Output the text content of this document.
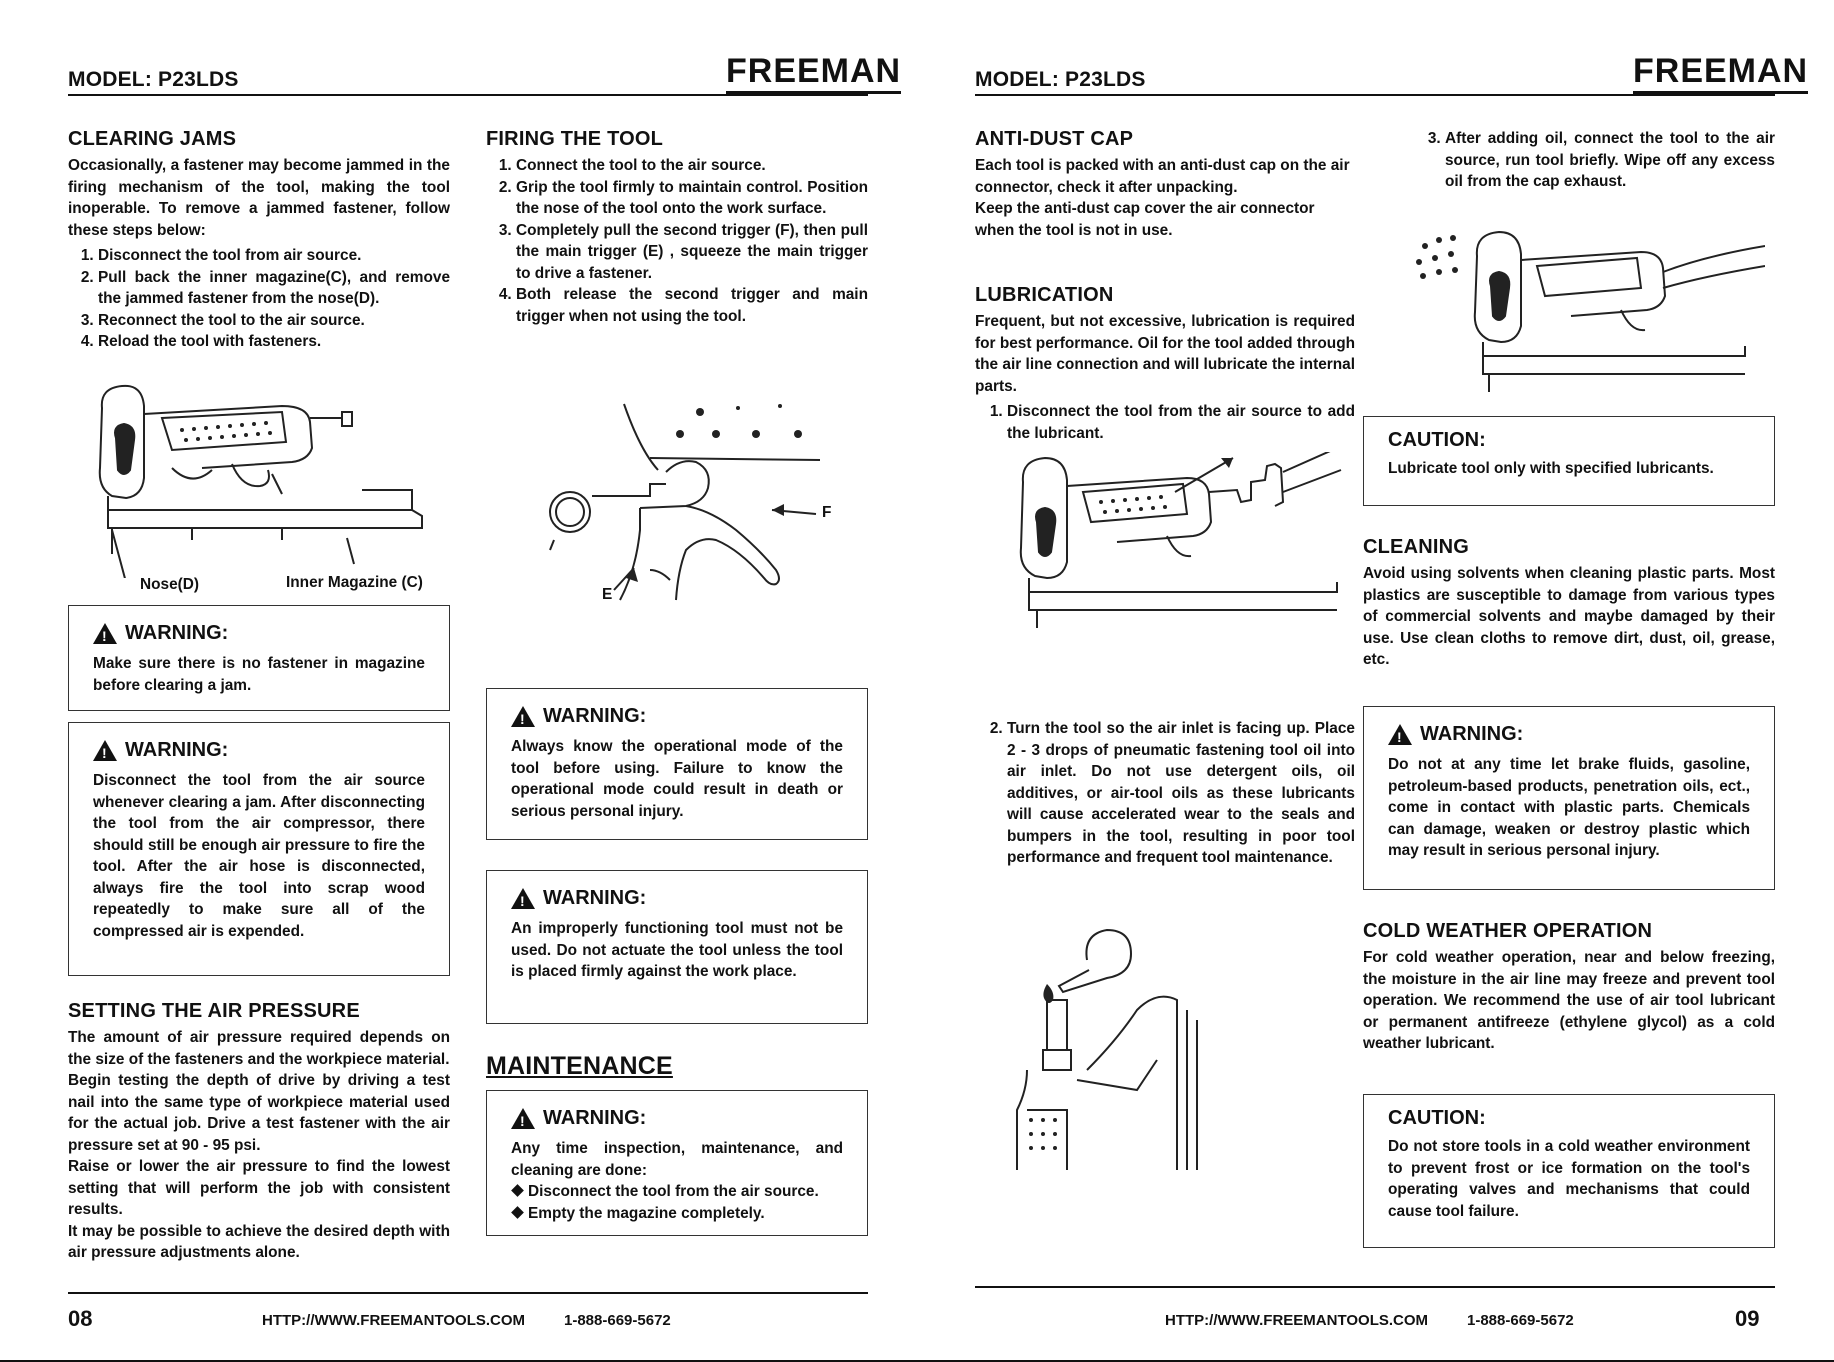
MODEL: P23LDS	FREEMAN
CLEARING JAMS

Occasionally, a fastener may become jammed in the firing mechanism of the tool, making the tool inoperable. To remove a jammed fastener, follow these steps below:

1. Disconnect the tool from air source.
2. Pull back the inner magazine(C), and remove the jammed fastener from the nose(D).
3. Reconnect the tool to the air source.
4. Reload the tool with fasteners.
Nose(D)	Inner Magazine (C)
!
WARNING:
Make sure there is no fastener in magazine before clearing a jam.
!
WARNING:
Disconnect the tool from the air source whenever clearing a jam. After disconnecting the tool from the air compressor, there should still be enough air pressure to fire the tool. After the air hose is disconnected, always fire the tool into scrap wood repeatedly to make sure all of the compressed air is expended.
SETTING THE AIR PRESSURE

The amount of air pressure required depends on the size of the fasteners and the workpiece material.

Begin testing the depth of drive by driving a test nail into the same type of workpiece material used for the actual job. Drive a test fastener with the air pressure set at 90 - 95 psi.

Raise or lower the air pressure to find the lowest setting that will perform the job with consistent results.

It may be possible to achieve the desired depth with air pressure adjustments alone.

FIRING THE TOOL
1. Connect the tool to the air source.
2. Grip the tool firmly to maintain control. Position the nose of the tool onto the work surface.
3. Completely pull the second trigger (F), then pull the main trigger (E) , squeeze the main trigger to drive a fastener.
4. Both release the second trigger and main trigger when not using the tool.
F
E
!
WARNING:
Always know the operational mode of the tool before using. Failure to know the operational mode could result in death or serious personal injury.
!
WARNING:
An improperly functioning tool must not be used. Do not actuate the tool unless the tool is placed firmly against the work place.
MAINTENANCE
!
WARNING:
Any time inspection, maintenance, and cleaning are done:
Disconnect the tool from the air source.
Empty the magazine completely.
08	HTTP://WWW.FREEMANTOOLS.COM	1-888-669-5672
MODEL: P23LDS	FREEMAN
ANTI-DUST CAP

Each tool is packed with an anti-dust cap on the air connector, check it after unpacking.

Keep the anti-dust cap cover the air connector when the tool is not in use.

LUBRICATION

Frequent, but not excessive, lubrication is required for best performance. Oil for the tool added through the air line connection and will lubricate the internal parts.

1. Disconnect the tool from the air source to add the lubricant.
2. Turn the tool so the air inlet is facing up. Place 2 - 3 drops of pneumatic fastening tool oil into air inlet. Do not use detergent oils, oil additives, or air-tool oils as these lubricants will cause accelerated wear to the seals and bumpers in the tool, resulting in poor tool performance and frequent tool maintenance.
3. After adding oil, connect the tool to the air source, run tool briefly. Wipe off any excess oil from the cap exhaust.
CAUTION:
Lubricate tool only with specified lubricants.
CLEANING

Avoid using solvents when cleaning plastic parts. Most plastics are susceptible to damage from various types of commercial solvents and maybe damaged by their use. Use clean cloths to remove dirt, dust, oil, grease, etc.

!
WARNING:
Do not at any time let brake fluids, gasoline, petroleum-based products, penetration oils, ect., come in contact with plastic parts. Chemicals can damage, weaken or destroy plastic which may result in serious personal injury.
COLD WEATHER OPERATION

For cold weather operation, near and below freezing, the moisture in the air line may freeze and prevent tool operation. We recommend the use of air tool lubricant or permanent antifreeze (ethylene glycol) as a cold weather lubricant.

CAUTION:
Do not store tools in a cold weather environment to prevent frost or ice formation on the tool's operating valves and mechanisms that could cause tool failure.
HTTP://WWW.FREEMANTOOLS.COM	1-888-669-5672	09
